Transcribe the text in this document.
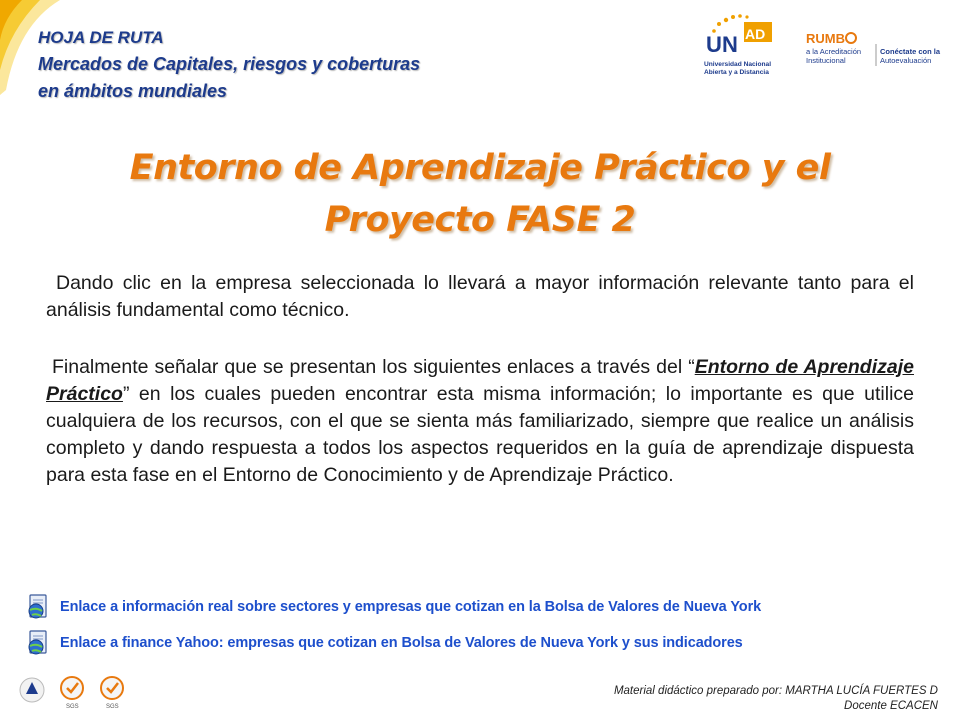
HOJA DE RUTA
Mercados de Capitales, riesgos y coberturas
en ámbitos mundiales
U N AD
Universidad Nacional
Abierta y a Distancia
RUMB
a la Acreditación
Institucional
Conéctate con la
Autoevaluación
Entorno de Aprendizaje Práctico y el
Proyecto FASE 2
Dando clic en la empresa seleccionada lo llevará a mayor información relevante tanto para el análisis fundamental como técnico.
Finalmente señalar que se presentan los siguientes enlaces a través del “Entorno de Aprendizaje Práctico” en los cuales pueden encontrar esta misma información; lo importante es que utilice cualquiera de los recursos, con el que se sienta más familiarizado, siempre que realice un análisis completo y dando respuesta a todos los aspectos requeridos en la guía de aprendizaje dispuesta para esta fase en el Entorno de Conocimiento y de Aprendizaje Práctico.
Enlace a información real sobre sectores y empresas que cotizan en la Bolsa de Valores de Nueva York
Enlace a finance Yahoo: empresas que cotizan en Bolsa de Valores de Nueva York y sus indicadores
SGS	SGS
Material didáctico preparado por: MARTHA LUCÍA FUERTES D
Docente ECACEN
